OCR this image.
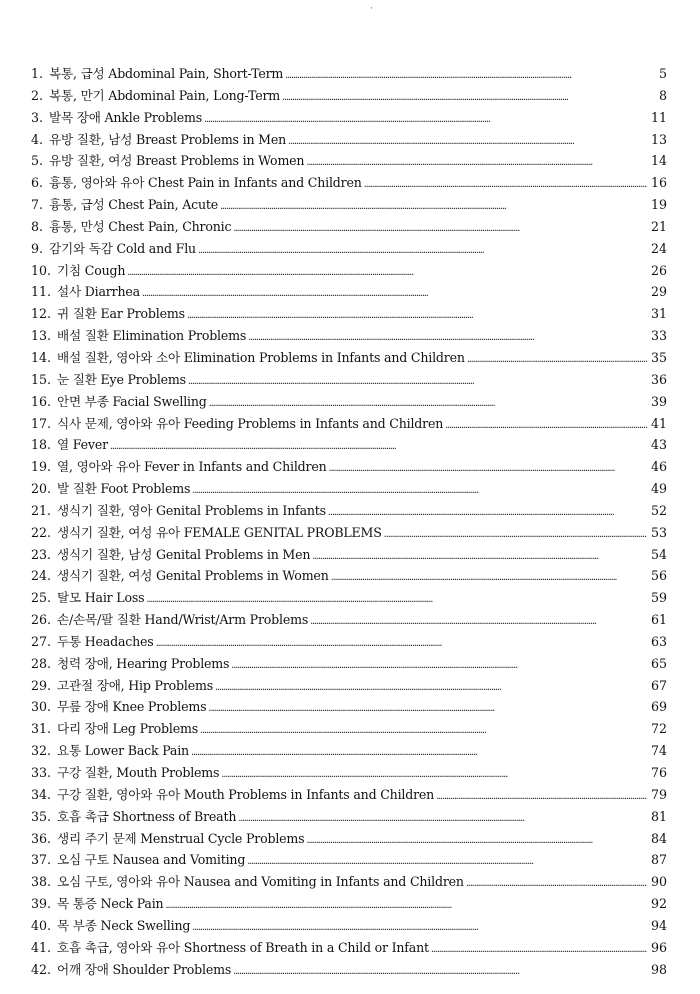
·
1. 복통, 급성 Abdominal Pain, Short-Term . . .	5
2. 복통, 만기 Abdominal Pain, Long-Term . . .	8
3. 발목 장애 Ankle Problems . . .	11
4. 유방 질환, 남성 Breast Problems in Men . . .	13
5. 유방 질환, 여성 Breast Problems in Women . . .	14
6. 흉통, 영아와 유아 Chest Pain in Infants and Children . . .	16
7. 흉통, 급성 Chest Pain, Acute . . .	19
8. 흉통, 만성 Chest Pain, Chronic . . .	21
9. 감기와 독감 Cold and Flu . . .	24
10. 기침 Cough . . .	26
11. 설사 Diarrhea . . .	29
12. 귀 질환 Ear Problems . . .	31
13. 배설 질환 Elimination Problems . . .	33
14. 배설 질환, 영아와 소아 Elimination Problems in Infants and Children . . .	35
15. 눈 질환 Eye Problems . . .	36
16. 안면 부종 Facial Swelling . . .	39
17. 식사 문제, 영아와 유아 Feeding Problems in Infants and Children . . .	41
18. 열 Fever . . .	43
19. 열, 영아와 유아 Fever in Infants and Children . . .	46
20. 발 질환 Foot Problems . . .	49
21. 생식기 질환, 영아 Genital Problems in Infants . . .	52
22. 생식기 질환, 여성 유아 FEMALE GENITAL PROBLEMS . . .	53
23. 생식기 질환, 남성 Genital Problems in Men . . .	54
24. 생식기 질환, 여성 Genital Problems in Women . . .	56
25. 탈모 Hair Loss . . .	59
26. 손/손목/팔 질환 Hand/Wrist/Arm Problems . . .	61
27. 두통 Headaches . . .	63
28. 청력 장애, Hearing Problems . . .	65
29. 고관절 장애, Hip Problems . . .	67
30. 무릎 장애 Knee Problems . . .	69
31. 다리 장애 Leg Problems . . .	72
32. 요통 Lower Back Pain . . .	74
33. 구강 질환, Mouth Problems . . .	76
34. 구강 질환, 영아와 유아 Mouth Problems in Infants and Children . . .	79
35. 호흡 촉급 Shortness of Breath . . .	81
36. 생리 주기 문제 Menstrual Cycle Problems . . .	84
37. 오심 구토 Nausea and Vomiting . . .	87
38. 오심 구토, 영아와 유아 Nausea and Vomiting in Infants and Children . . .	90
39. 목 통증 Neck Pain . . .	92
40. 목 부종 Neck Swelling . . .	94
41. 호흡 촉급, 영아와 유아 Shortness of Breath in a Child or Infant . . .	96
42. 어깨 장애 Shoulder Problems . . .	98
